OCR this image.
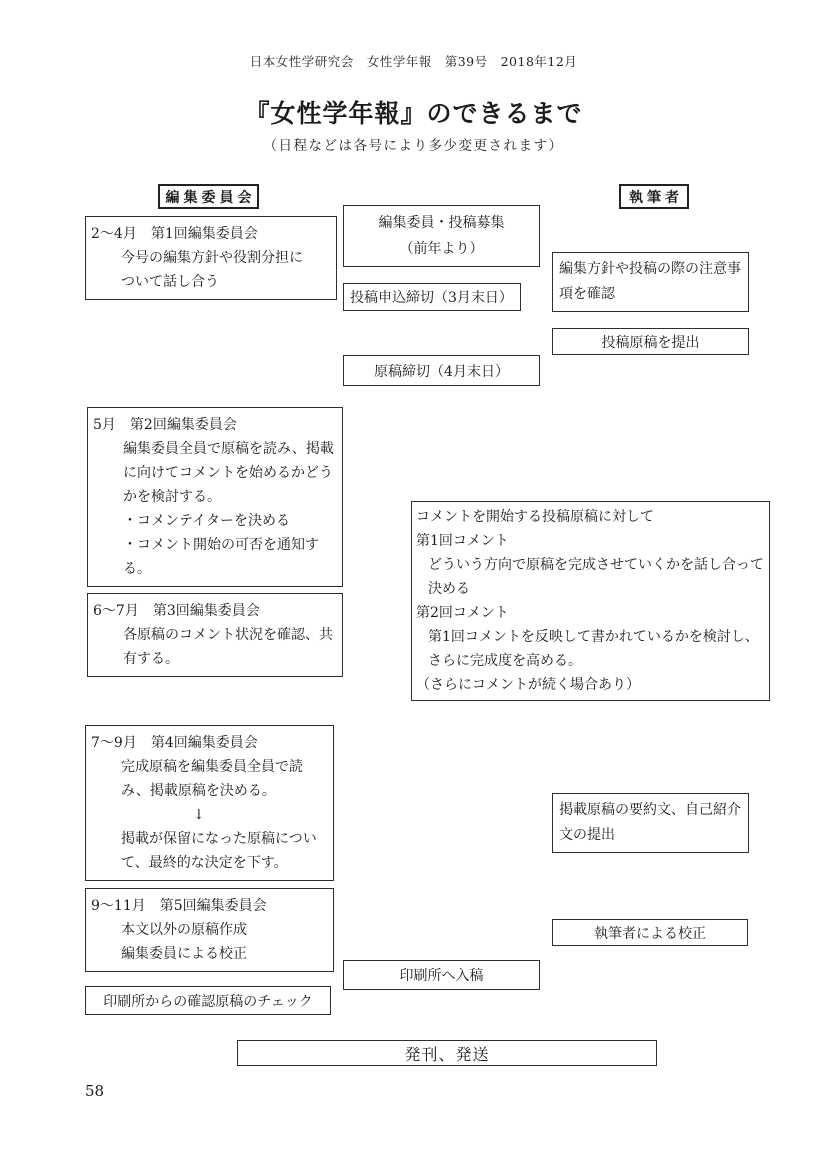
日本女性学研究会　女性学年報　第39号　2018年12月
『女性学年報』のできるまで
（日程などは各号により多少変更されます）
編集委員会	執筆者
2～4月　第1回編集委員会
今号の編集方針や役割分担に
ついて話し合う
編集委員・投稿募集
（前年より）
編集方針や投稿の際の注意事
項を確認
投稿申込締切（3月末日）
投稿原稿を提出
原稿締切（4月末日）
5月　第2回編集委員会
編集委員全員で原稿を読み、掲載
に向けてコメントを始めるかどう
かを検討する。
・コメンテイターを決める
・コメント開始の可否を通知す
る。
コメントを開始する投稿原稿に対して
第1回コメント
どういう方向で原稿を完成させていくかを話し合って
決める
第2回コメント
第1回コメントを反映して書かれているかを検討し、
さらに完成度を高める。
（さらにコメントが続く場合あり）
6～7月　第3回編集委員会
各原稿のコメント状況を確認、共
有する。
7～9月　第4回編集委員会
完成原稿を編集委員全員で読
み、掲載原稿を決める。
↓
掲載が保留になった原稿につい
て、最終的な決定を下す。
掲載原稿の要約文、自己紹介
文の提出
9～11月　第5回編集委員会
本文以外の原稿作成
編集委員による校正
執筆者による校正
印刷所へ入稿
印刷所からの確認原稿のチェック
発刊、発送
58
